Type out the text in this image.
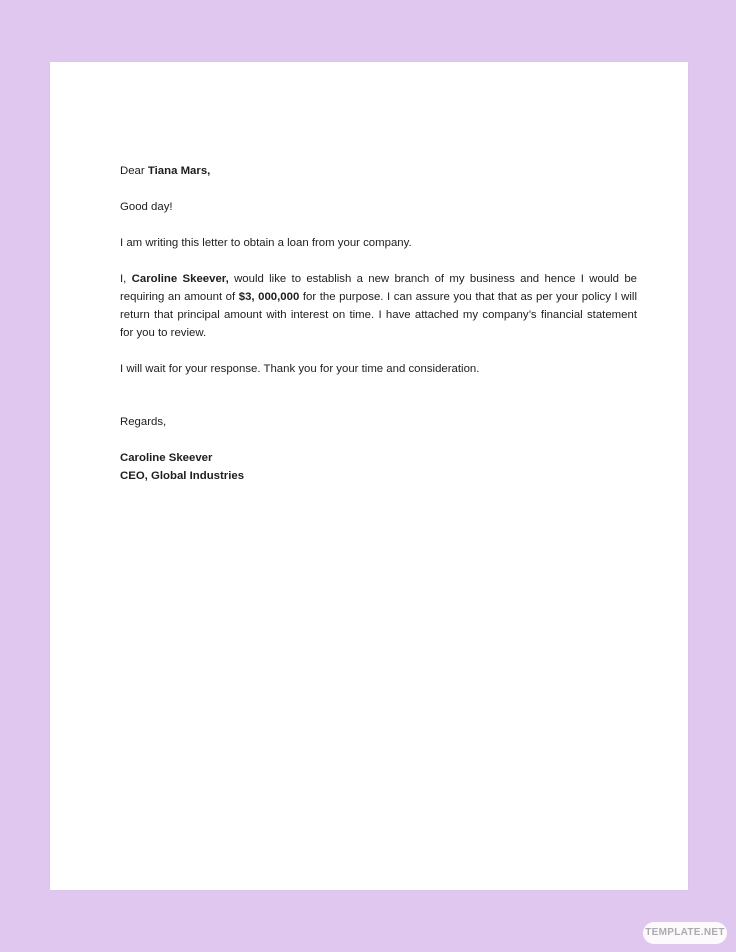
Dear Tiana Mars,

Good day!

I am writing this letter to obtain a loan from your company.

I, Caroline Skeever, would like to establish a new branch of my business and hence I would be requiring an amount of $3, 000,000 for the purpose. I can assure you that that as per your policy I will return that principal amount with interest on time. I have attached my company’s financial statement for you to review.

I will wait for your response. Thank you for your time and consideration.

Regards,

Caroline Skeever

CEO, Global Industries

TEMPLATE.NET
